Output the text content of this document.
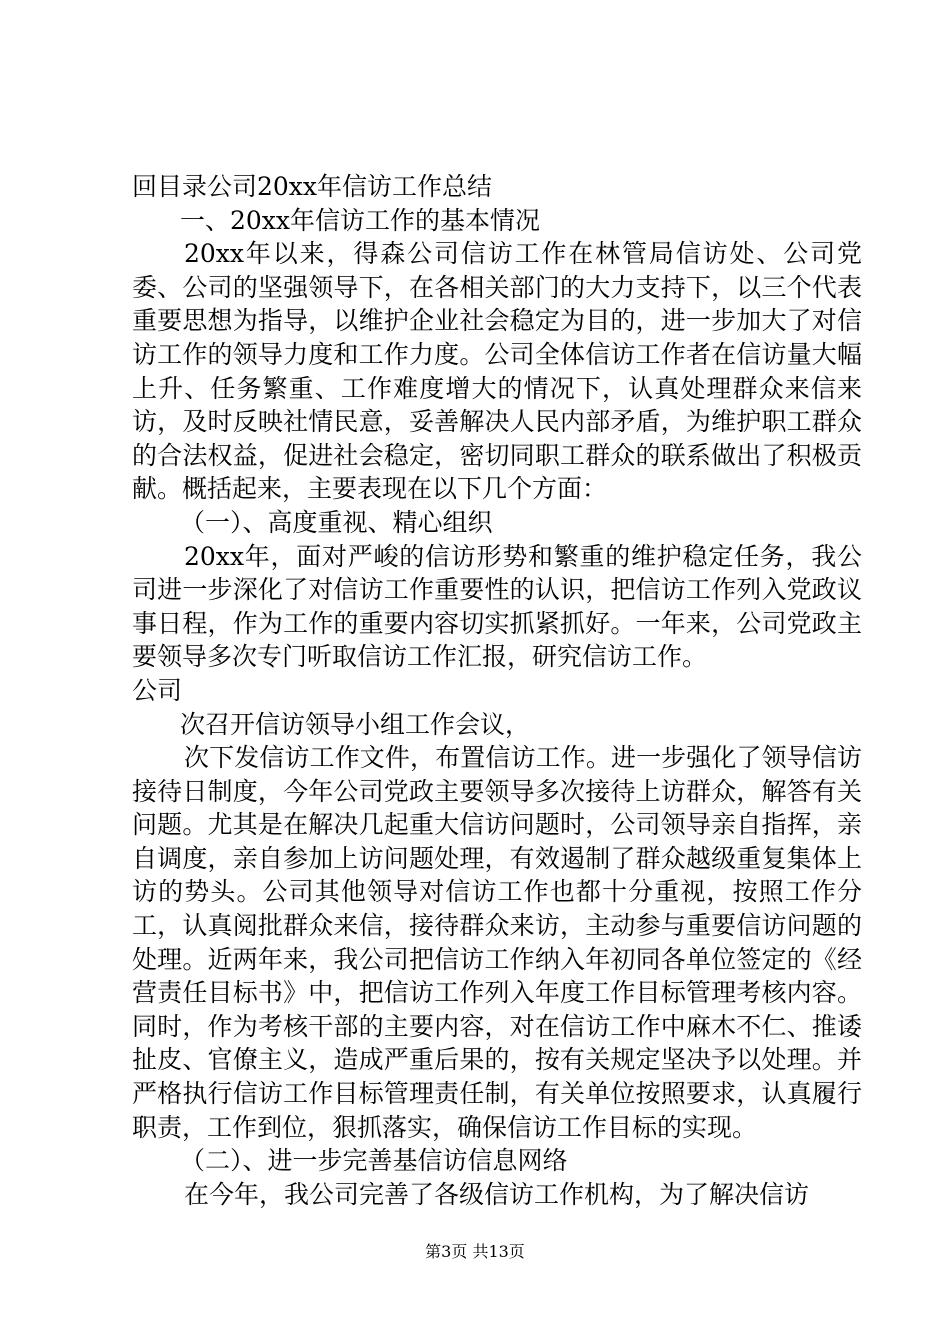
回目录公司20xx年信访工作总结

一、20xx年信访工作的基本情况

20xx年以来，得森公司信访工作在林管局信访处、公司党委、公司的坚强领导下，在各相关部门的大力支持下，以三个代表重要思想为指导，以维护企业社会稳定为目的，进一步加大了对信访工作的领导力度和工作力度。公司全体信访工作者在信访量大幅上升、任务繁重、工作难度增大的情况下，认真处理群众来信来访，及时反映社情民意，妥善解决人民内部矛盾，为维护职工群众的合法权益，促进社会稳定，密切同职工群众的联系做出了积极贡献。概括起来，主要表现在以下几个方面：

（一）、高度重视、精心组织

20xx年，面对严峻的信访形势和繁重的维护稳定任务，我公司进一步深化了对信访工作重要性的认识，把信访工作列入党政议事日程，作为工作的重要内容切实抓紧抓好。一年来，公司党政主要领导多次专门听取信访工作汇报，研究信访工作。

公司

次召开信访领导小组工作会议，

次下发信访工作文件，布置信访工作。进一步强化了领导信访接待日制度，今年公司党政主要领导多次接待上访群众，解答有关问题。尤其是在解决几起重大信访问题时，公司领导亲自指挥，亲自调度，亲自参加上访问题处理，有效遏制了群众越级重复集体上访的势头。公司其他领导对信访工作也都十分重视，按照工作分工，认真阅批群众来信，接待群众来访，主动参与重要信访问题的处理。近两年来，我公司把信访工作纳入年初同各单位签定的《经营责任目标书》中，把信访工作列入年度工作目标管理考核内容。同时，作为考核干部的主要内容，对在信访工作中麻木不仁、推诿扯皮、官僚主义，造成严重后果的，按有关规定坚决予以处理。并严格执行信访工作目标管理责任制，有关单位按照要求，认真履行职责，工作到位，狠抓落实，确保信访工作目标的实现。

（二）、进一步完善基信访信息网络

在今年，我公司完善了各级信访工作机构，为了解决信访

第3页 共13页
